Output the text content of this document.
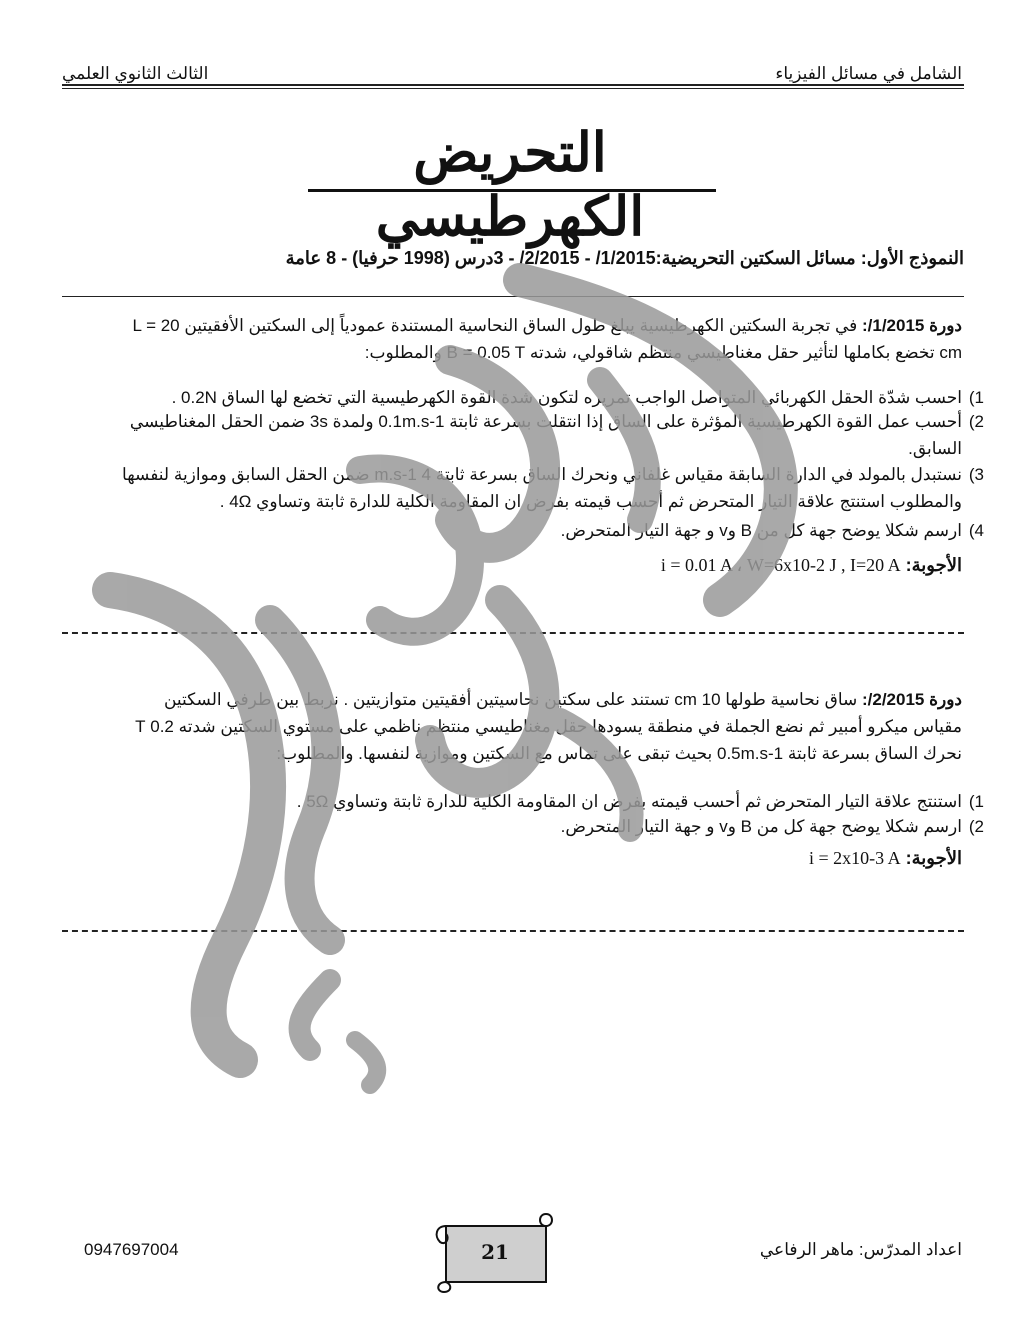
الشامل في مسائل الفيزياء
الثالث الثانوي العلمي
التحريض الكهرطيسي
النموذج الأول: مسائل السكتين التحريضية:1/2015/ - 2/2015/ - 3درس (1998 حرفيا) - 8 عامة
دورة 1/2015/: في تجربة السكتين الكهرطيسية يبلغ طول الساق النحاسية المستندة عمودياً إلى السكتين الأفقيتين L = 20
cm تخضع بكاملها لتأثير حقل مغناطيسي منتظم شاقولي، شدته B = 0.05 T والمطلوب:
1)
احسب شدّة الحقل الكهربائي المتواصل الواجب تمريره لتكون شدة القوة الكهرطيسية التي تخضع لها الساق 0.2N .
2)
أحسب عمل القوة الكهرطيسية المؤثرة على الساق إذا انتقلت بسرعة ثابتة 0.1m.s-1 ولمدة 3s ضمن الحقل المغناطيسي السابق.
3)
نستبدل بالمولد في الدارة السابقة مقياس غلفاني ونحرك الساق بسرعة ثابتة 4 m.s-1 ضمن الحقل السابق وموازية لنفسها والمطلوب استنتج علاقة التيار المتحرض ثم أحسب قيمته بفرض ان المقاومة الكلية للدارة ثابتة وتساوي 4Ω .
4)
ارسم شكلا يوضح جهة كل من B وv و جهة التيار المتحرض.
الأجوبة: i = 0.01 A ، W=6x10-2 J , I=20 A
دورة 2/2015/: ساق نحاسية طولها 10 cm تستند على سكتين نحاسيتين أفقيتين متوازيتين . نربط بين طرفي السكتين
مقياس ميكرو أمبير ثم نضع الجملة في منطقة يسودها حقل مغناطيسي منتظم ناظمي على مستوي السكتين شدته 0.2 T
نحرك الساق بسرعة ثابتة 0.5m.s-1 بحيث تبقى على تماس مع السكتين وموازية لنفسها. والمطلوب:
1)
استنتج علاقة التيار المتحرض ثم أحسب قيمته بفرض ان المقاومة الكلية للدارة ثابتة وتساوي 5Ω .
2)
ارسم شكلا يوضح جهة كل من B وv و جهة التيار المتحرض.
الأجوبة: i = 2x10-3 A
اعداد المدرّس: ماهر الرفاعي
0947697004	21
